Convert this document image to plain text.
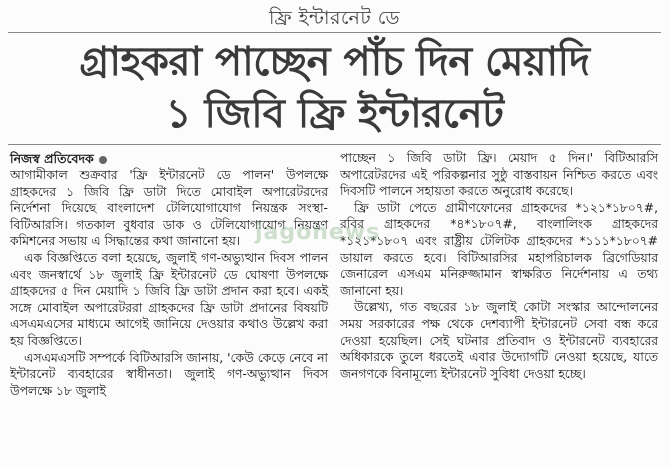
ফ্রি ইন্টারনেট ডে
গ্রাহকরা পাচ্ছেন পাঁচ দিন মেয়াদি
১ জিবি ফ্রি ইন্টারনেট
নিজস্ব প্রতিবেদক

আগামীকাল শুক্রবার 'ফ্রি ইন্টারনেট ডে পালন' উপলক্ষে গ্রাহকদের ১ জিবি ফ্রি ডাটা দিতে মোবাইল অপারেটরদের নির্দেশনা দিয়েছে বাংলাদেশ টেলিযোগাযোগ নিয়ন্ত্রক সংস্থা-বিটিআরসি। গতকাল বুধবার ডাক ও টেলিযোগাযোগ নিয়ন্ত্রণ কমিশনের সভায় এ সিদ্ধান্তের কথা জানানো হয়।

এক বিজ্ঞপ্তিতে বলা হয়েছে, জুলাই গণ-অভ্যুত্থান দিবস পালন এবং জনস্বার্থে ১৮ জুলাই ফ্রি ইন্টারনেট ডে ঘোষণা উপলক্ষে গ্রাহকদের ৫ দিন মেয়াদি ১ জিবি ফ্রি ডাটা প্রদান করা হবে। একই সঙ্গে মোবাইল অপারেটররা গ্রাহকদের ফ্রি ডাটা প্রদানের বিষয়টি এসএমএসের মাধ্যমে আগেই জানিয়ে দেওয়ার কথাও উল্লেখ করা হয় বিজ্ঞপ্তিতে।

এসএমএসটি সম্পর্কে বিটিআরসি জানায়, 'কেউ কেড়ে নেবে না ইন্টারনেট ব্যবহারের স্বাধীনতা। জুলাই গণ-অভ্যুত্থান দিবস উপলক্ষে ১৮ জুলাই

পাচ্ছেন ১ জিবি ডাটা ফ্রি। মেয়াদ ৫ দিন।' বিটিআরসি অপারেটরদের এই পরিকল্পনার সুষ্ঠু বাস্তবায়ন নিশ্চিত করতে এবং দিবসটি পালনে সহায়তা করতে অনুরোধ করেছে।

ফ্রি ডাটা পেতে গ্রামীণফোনের গ্রাহকদের *১২১*১৮০৭#, রবির গ্রাহকদের *৪*১৮০৭#, বাংলালিংক গ্রাহকদের *১২১*১৮০৭ এবং রাষ্ট্রীয় টেলিটক গ্রাহকদের *১১১*১৮০৭# ডায়াল করতে হবে। বিটিআরসির মহাপরিচালক ব্রিগেডিয়ার জেনারেল এসএম মনিরুজ্জামান স্বাক্ষরিত নির্দেশনায় এ তথ্য জানানো হয়।

উল্লেখ্য, গত বছরের ১৮ জুলাই কোটা সংস্কার আন্দোলনের সময় সরকারের পক্ষ থেকে দেশব্যাপী ইন্টারনেট সেবা বন্ধ করে দেওয়া হয়েছিল। সেই ঘটনার প্রতিবাদ ও ইন্টারনেট ব্যবহারের অধিকারকে তুলে ধরতেই এবার উদ্যোগটি নেওয়া হয়েছে, যাতে জনগণকে বিনামূল্যে ইন্টারনেট সুবিধা দেওয়া হচ্ছে।

jagonews
